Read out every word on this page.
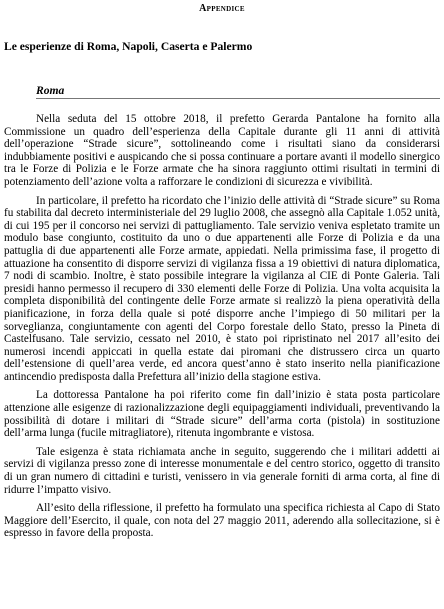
Appendice
Le esperienze di Roma, Napoli, Caserta e Palermo
Roma

Nella seduta del 15 ottobre 2018, il prefetto Gerarda Pantalone ha fornito alla Commissione un quadro dell’esperienza della Capitale durante gli 11 anni di attività dell’operazione “Strade sicure”, sottolineando come i risultati siano da considerarsi indubbiamente positivi e auspicando che si possa continuare a portare avanti il modello sinergico tra le Forze di Polizia e le Forze armate che ha sinora raggiunto ottimi risultati in termini di potenziamento dell’azione volta a rafforzare le condizioni di sicurezza e vivibilità.

In particolare, il prefetto ha ricordato che l’inizio delle attività di “Strade sicure” su Roma fu stabilita dal decreto interministeriale del 29 luglio 2008, che assegnò alla Capitale 1.052 unità, di cui 195 per il concorso nei servizi di pattugliamento. Tale servizio veniva espletato tramite un modulo base congiunto, costituito da uno o due appartenenti alle Forze di Polizia e da una pattuglia di due appartenenti alle Forze armate, appiedati. Nella primissima fase, il progetto di attuazione ha consentito di disporre servizi di vigilanza fissa a 19 obiettivi di natura diplomatica, 7 nodi di scambio. Inoltre, è stato possibile integrare la vigilanza al CIE di Ponte Galeria. Tali presidi hanno permesso il recupero di 330 elementi delle Forze di Polizia. Una volta acquisita la completa disponibilità del contingente delle Forze armate si realizzò la piena operatività della pianificazione, in forza della quale si poté disporre anche l’impiego di 50 militari per la sorveglianza, congiuntamente con agenti del Corpo forestale dello Stato, presso la Pineta di Castelfusano. Tale servizio, cessato nel 2010, è stato poi ripristinato nel 2017 all’esito dei numerosi incendi appiccati in quella estate dai piromani che distrussero circa un quarto dell’estensione di quell’area verde, ed ancora quest’anno è stato inserito nella pianificazione antincendio predisposta dalla Prefettura all’inizio della stagione estiva.

La dottoressa Pantalone ha poi riferito come fin dall’inizio è stata posta particolare attenzione alle esigenze di razionalizzazione degli equipaggiamenti individuali, preventivando la possibilità di dotare i militari di “Strade sicure” dell’arma corta (pistola) in sostituzione dell’arma lunga (fucile mitragliatore), ritenuta ingombrante e vistosa.

Tale esigenza è stata richiamata anche in seguito, suggerendo che i militari addetti ai servizi di vigilanza presso zone di interesse monumentale e del centro storico, oggetto di transito di un gran numero di cittadini e turisti, venissero in via generale forniti di arma corta, al fine di ridurre l’impatto visivo.

All’esito della riflessione, il prefetto ha formulato una specifica richiesta al Capo di Stato Maggiore dell’Esercito, il quale, con nota del 27 maggio 2011, aderendo alla sollecitazione, si è espresso in favore della proposta.
